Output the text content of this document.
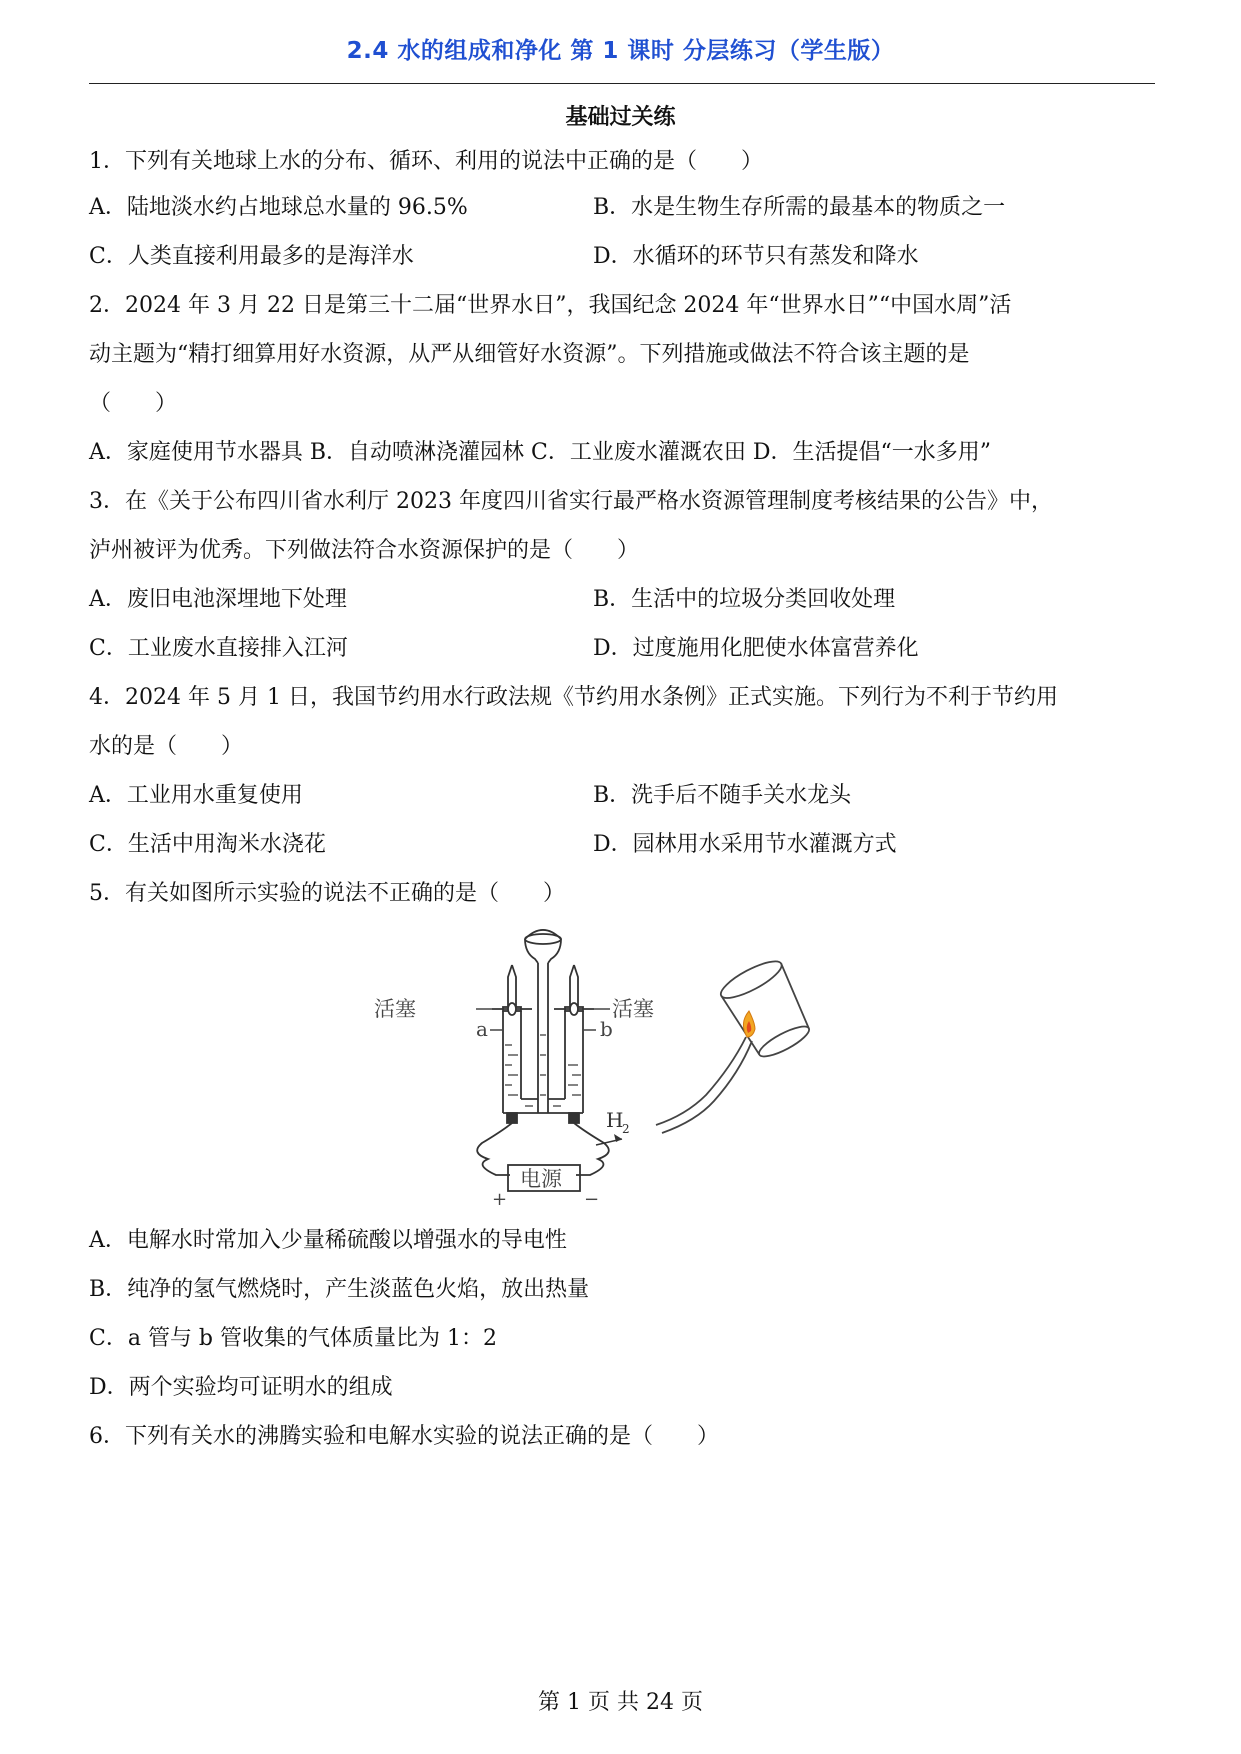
2.4 水的组成和净化 第 1 课时 分层练习（学生版）
基础过关练
1．下列有关地球上水的分布、循环、利用的说法中正确的是（　　）
A．陆地淡水约占地球总水量的 96.5%	B．水是生物生存所需的最基本的物质之一
C．人类直接利用最多的是海洋水	D．水循环的环节只有蒸发和降水
2．2024 年 3 月 22 日是第三十二届“世界水日”，我国纪念 2024 年“世界水日”“中国水周”活
动主题为“精打细算用好水资源，从严从细管好水资源”。下列措施或做法不符合该主题的是
（　　）
A．家庭使用节水器具 B．自动喷淋浇灌园林 C．工业废水灌溉农田 D．生活提倡“一水多用”
3．在《关于公布四川省水利厅 2023 年度四川省实行最严格水资源管理制度考核结果的公告》中，
泸州被评为优秀。下列做法符合水资源保护的是（　　）
A．废旧电池深埋地下处理	B．生活中的垃圾分类回收处理
C．工业废水直接排入江河	D．过度施用化肥使水体富营养化
4．2024 年 5 月 1 日，我国节约用水行政法规《节约用水条例》正式实施。下列行为不利于节约用
水的是（　　）
A．工业用水重复使用	B．洗手后不随手关水龙头
C．生活中用淘米水浇花	D．园林用水采用节水灌溉方式
5．有关如图所示实验的说法不正确的是（　　）
活塞	活塞
a	b
电源
+	−
H
2
A．电解水时常加入少量稀硫酸以增强水的导电性
B．纯净的氢气燃烧时，产生淡蓝色火焰，放出热量
C．a 管与 b 管收集的气体质量比为 1：2
D．两个实验均可证明水的组成
6．下列有关水的沸腾实验和电解水实验的说法正确的是（　　）
第 1 页 共 24 页
